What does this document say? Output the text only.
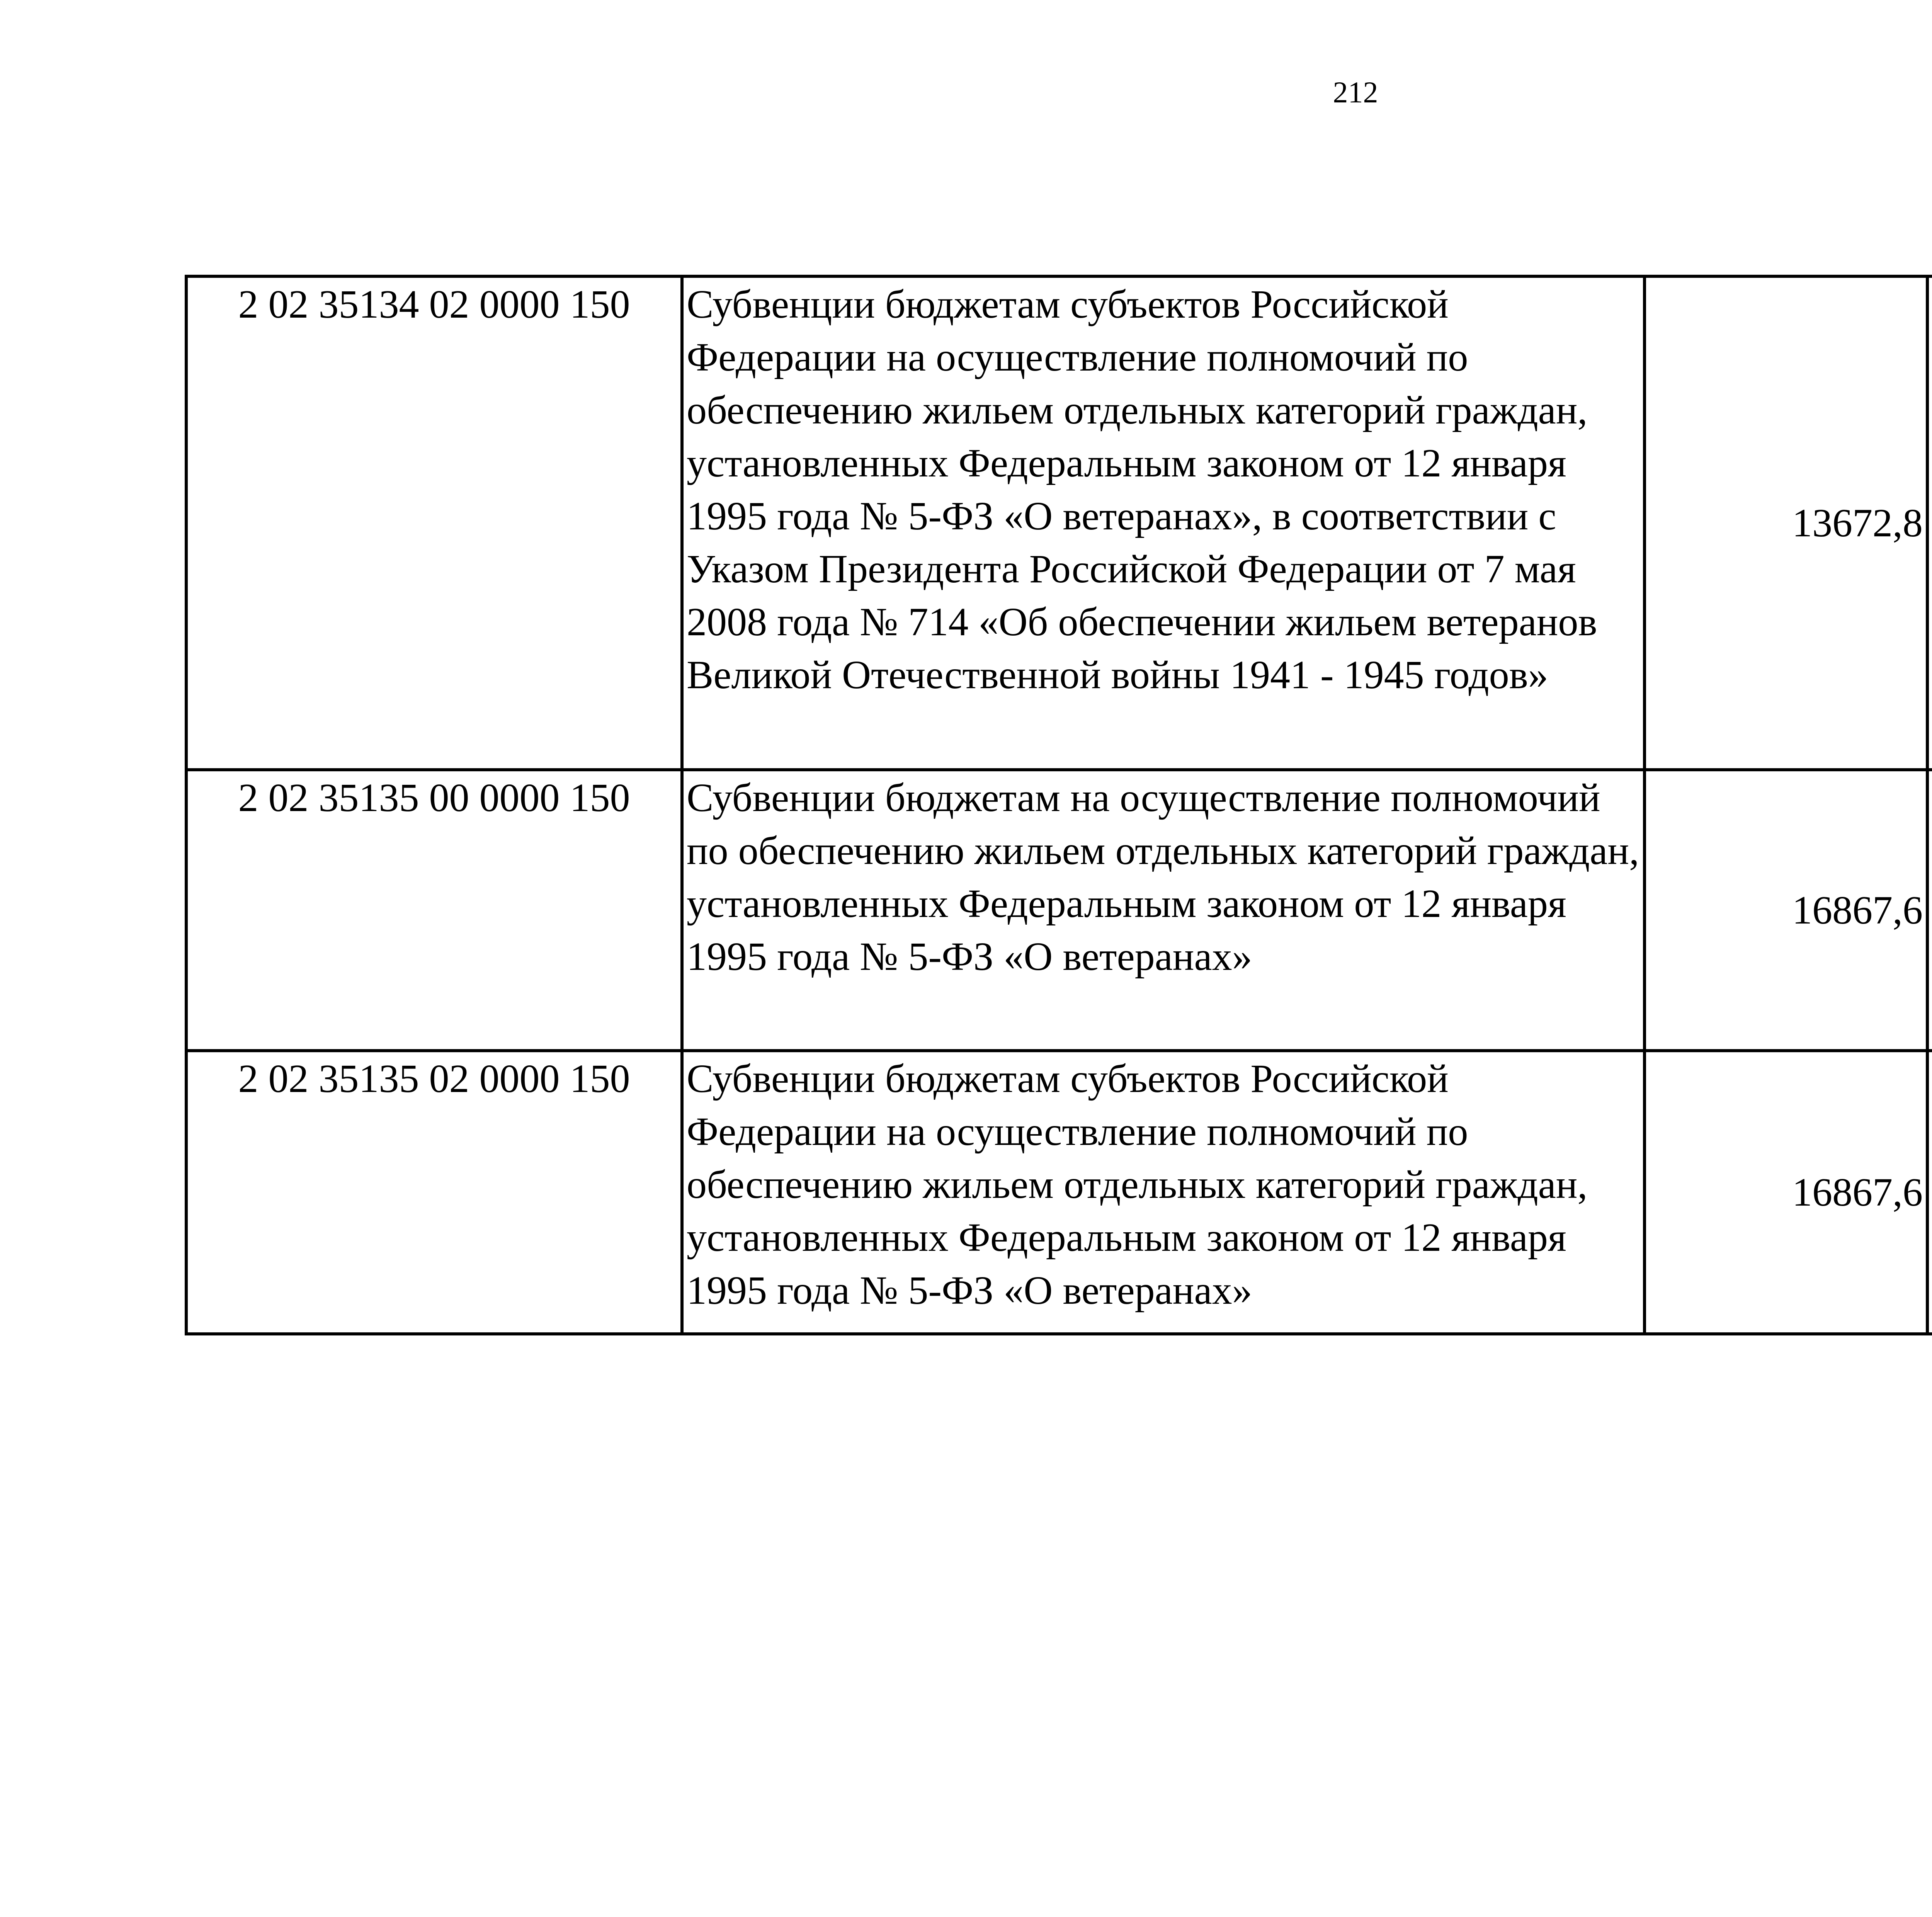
212
2 02 35134 02 0000 150	Субвенции бюджетам субъектов Российской Федерации на осуществление полномочий по обеспечению жильем отдельных категорий граждан, установленных Федеральным законом от 12 января 1995 года № 5-ФЗ «О ветеранах», в соответствии с Указом Президента Российской Федерации от 7 мая 2008 года № 714 «Об обеспечении жильем ветеранов Великой Отечественной войны 1941 - 1945 годов»	13672,8		
2 02 35135 00 0000 150	Субвенции бюджетам на осуществление полномочий по обеспечению жильем отдельных категорий граждан, установленных Федеральным законом от 12 января 1995 года № 5-ФЗ «О ветеранах»	16867,6		
2 02 35135 02 0000 150	Субвенции бюджетам субъектов Российской Федерации на осуществление полномочий по обеспечению жильем отдельных категорий граждан, установленных Федеральным законом от 12 января 1995 года № 5-ФЗ «О ветеранах»	16867,6		
